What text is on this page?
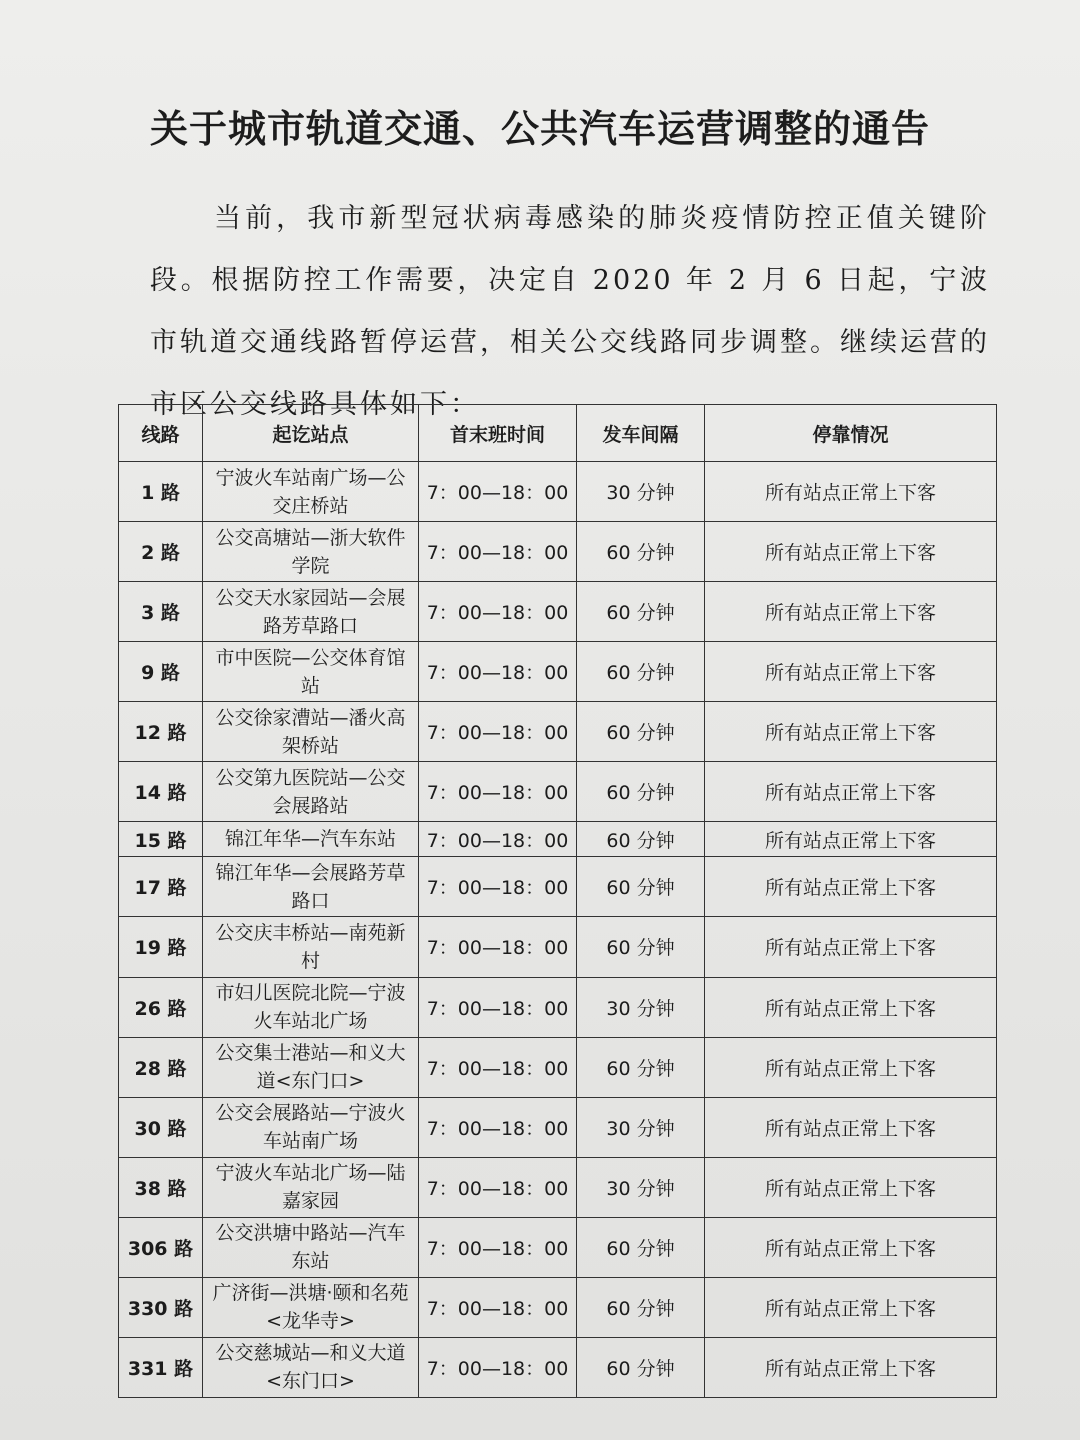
关于城市轨道交通、公共汽车运营调整的通告
当前，我市新型冠状病毒感染的肺炎疫情防控正值关键阶段。根据防控工作需要，决定自 2020 年 2 月 6 日起，宁波市轨道交通线路暂停运营，相关公交线路同步调整。继续运营的市区公交线路具体如下：
线路	起讫站点	首末班时间	发车间隔	停靠情况
1 路	宁波火车站南广场—公交庄桥站	7：00—18：00	30 分钟	所有站点正常上下客
2 路	公交高塘站—浙大软件学院	7：00—18：00	60 分钟	所有站点正常上下客
3 路	公交天水家园站—会展路芳草路口	7：00—18：00	60 分钟	所有站点正常上下客
9 路	市中医院—公交体育馆站	7：00—18：00	60 分钟	所有站点正常上下客
12 路	公交徐家漕站—潘火高架桥站	7：00—18：00	60 分钟	所有站点正常上下客
14 路	公交第九医院站—公交会展路站	7：00—18：00	60 分钟	所有站点正常上下客
15 路	锦江年华—汽车东站	7：00—18：00	60 分钟	所有站点正常上下客
17 路	锦江年华—会展路芳草路口	7：00—18：00	60 分钟	所有站点正常上下客
19 路	公交庆丰桥站—南苑新村	7：00—18：00	60 分钟	所有站点正常上下客
26 路	市妇儿医院北院—宁波火车站北广场	7：00—18：00	30 分钟	所有站点正常上下客
28 路	公交集士港站—和义大道<东门口>	7：00—18：00	60 分钟	所有站点正常上下客
30 路	公交会展路站—宁波火车站南广场	7：00—18：00	30 分钟	所有站点正常上下客
38 路	宁波火车站北广场—陆嘉家园	7：00—18：00	30 分钟	所有站点正常上下客
306 路	公交洪塘中路站—汽车东站	7：00—18：00	60 分钟	所有站点正常上下客
330 路	广济街—洪塘·颐和名苑<龙华寺>	7：00—18：00	60 分钟	所有站点正常上下客
331 路	公交慈城站—和义大道<东门口>	7：00—18：00	60 分钟	所有站点正常上下客
